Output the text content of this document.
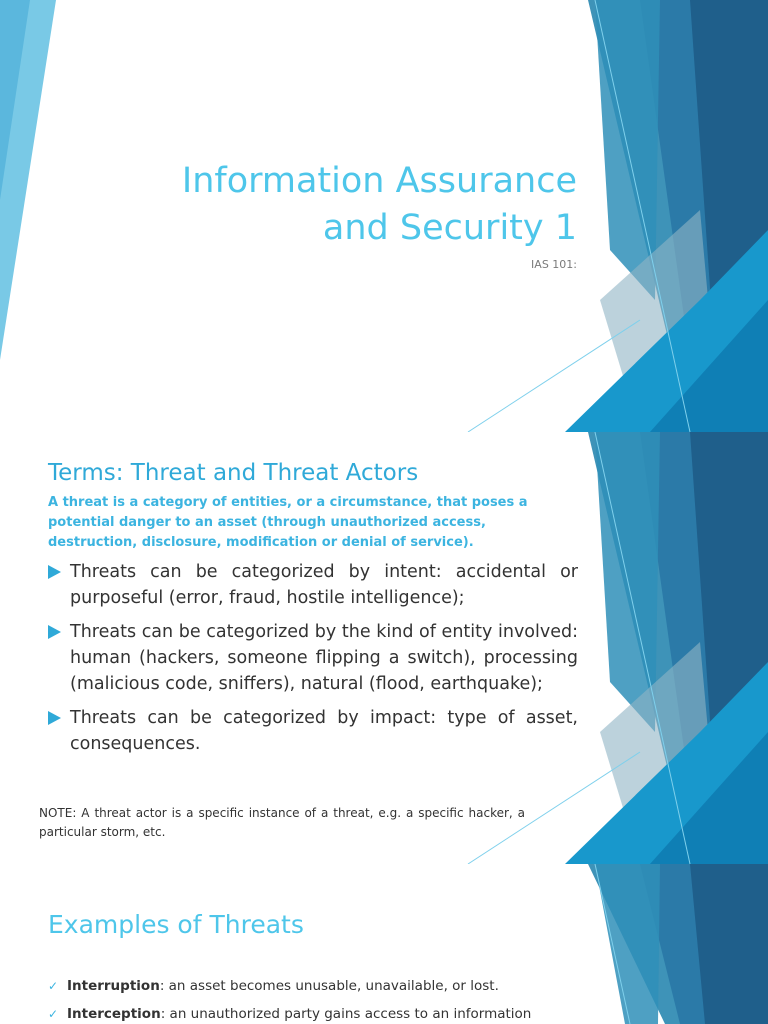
Information Assurance
and Security 1
IAS 101:
Terms: Threat and Threat Actors
A threat is a category of entities, or a circumstance, that poses a potential danger to an asset (through unauthorized access, destruction, disclosure, modification or denial of service).
Threats can be categorized by intent: accidental or purposeful (error, fraud, hostile intelligence);
Threats can be categorized by the kind of entity involved: human (hackers, someone flipping a switch), processing (malicious code, sniffers), natural (flood, earthquake);
Threats can be categorized by impact: type of asset, consequences.
NOTE: A threat actor is a specific instance of a threat, e.g. a specific hacker, a particular storm, etc.
Examples of Threats
✓ Interruption: an asset becomes unusable, unavailable, or lost.
✓ Interception: an unauthorized party gains access to an information
